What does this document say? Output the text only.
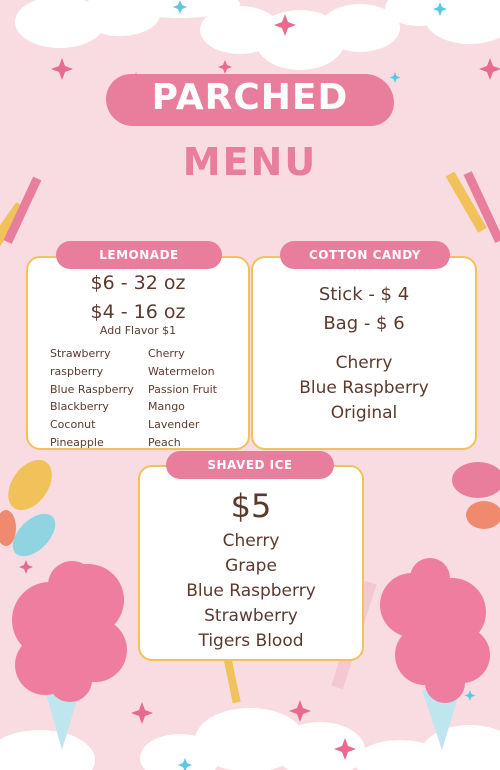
PARCHED
MENU
$6 - 32 oz
$4 - 16 oz
Add Flavor $1
Strawberry
raspberry
Blue Raspberry
Blackberry
Coconut
Pineapple
Cherry
Watermelon
Passion Fruit
Mango
Lavender
Peach
LEMONADE
Stick - $ 4
Bag - $ 6
Cherry
Blue Raspberry
Original
COTTON CANDY
$5
Cherry
Grape
Blue Raspberry
Strawberry
Tigers Blood
SHAVED ICE
